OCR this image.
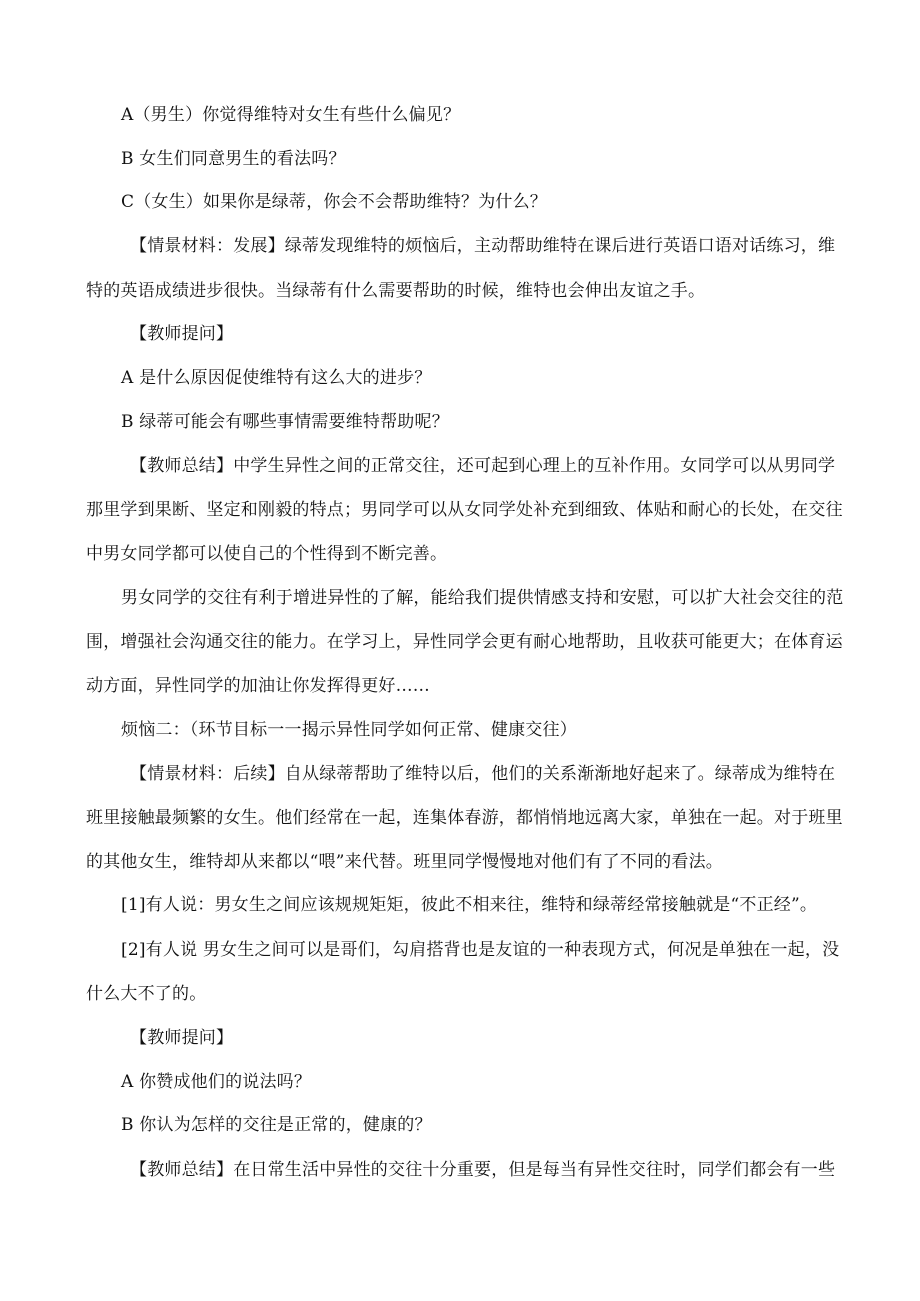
A（男生）你觉得维特对女生有些什么偏见？
B 女生们同意男生的看法吗？
C（女生）如果你是绿蒂，你会不会帮助维特？为什么？
【情景材料：发展】绿蒂发现维特的烦恼后，主动帮助维特在课后进行英语口语对话练习，维
特的英语成绩进步很快。当绿蒂有什么需要帮助的时候，维特也会伸出友谊之手。
【教师提问】
A 是什么原因促使维特有这么大的进步？
B 绿蒂可能会有哪些事情需要维特帮助呢？
【教师总结】中学生异性之间的正常交往，还可起到心理上的互补作用。女同学可以从男同学
那里学到果断、坚定和刚毅的特点；男同学可以从女同学处补充到细致、体贴和耐心的长处，在交往
中男女同学都可以使自己的个性得到不断完善。
男女同学的交往有利于增进异性的了解，能给我们提供情感支持和安慰，可以扩大社会交往的范
围，增强社会沟通交往的能力。在学习上，异性同学会更有耐心地帮助，且收获可能更大；在体育运
动方面，异性同学的加油让你发挥得更好……
烦恼二：（环节目标一一揭示异性同学如何正常、健康交往）
【情景材料：后续】自从绿蒂帮助了维特以后，他们的关系渐渐地好起来了。绿蒂成为维特在
班里接触最频繁的女生。他们经常在一起，连集体春游，都悄悄地远离大家，单独在一起。对于班里
的其他女生，维特却从来都以“喂”来代替。班里同学慢慢地对他们有了不同的看法。
[1]有人说：男女生之间应该规规矩矩，彼此不相来往，维特和绿蒂经常接触就是“不正经”。
[2]有人说 男女生之间可以是哥们，勾肩搭背也是友谊的一种表现方式，何况是单独在一起，没
什么大不了的。
【教师提问】
A 你赞成他们的说法吗？
B 你认为怎样的交往是正常的，健康的？
【教师总结】在日常生活中异性的交往十分重要，但是每当有异性交往时，同学们都会有一些
